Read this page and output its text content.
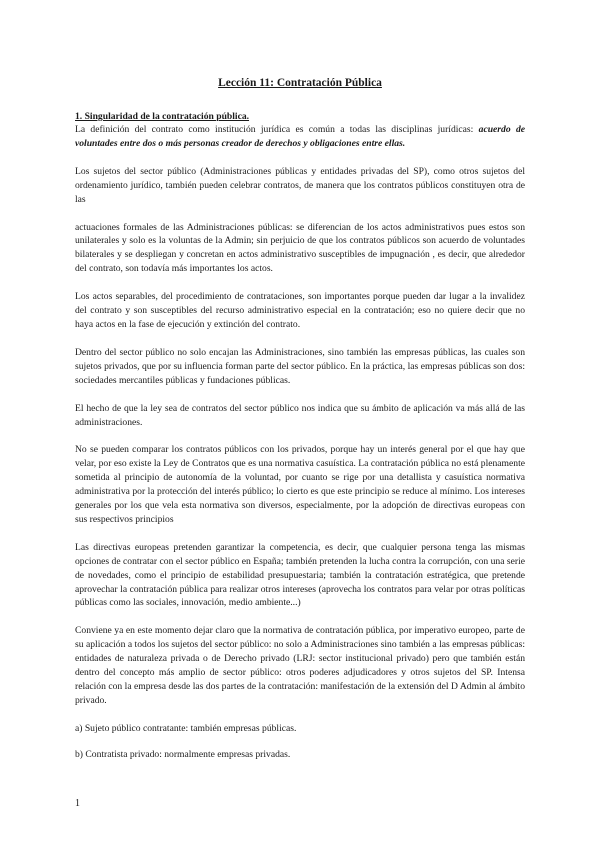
Lección 11: Contratación Pública
1. Singularidad de la contratación pública.

La definición del contrato como institución jurídica es común a todas las disciplinas jurídicas: acuerdo de voluntades entre dos o más personas creador de derechos y obligaciones entre ellas.

Los sujetos del sector público (Administraciones públicas y entidades privadas del SP), como otros sujetos del ordenamiento jurídico, también pueden celebrar contratos, de manera que los contratos públicos constituyen otra de las

actuaciones formales de las Administraciones públicas: se diferencian de los actos administrativos pues estos son unilaterales y solo es la voluntas de la Admin; sin perjuicio de que los contratos públicos son acuerdo de voluntades bilaterales y se despliegan y concretan en actos administrativo susceptibles de impugnación , es decir, que alrededor del contrato, son todavía más importantes los actos.

Los actos separables, del procedimiento de contrataciones, son importantes porque pueden dar lugar a la invalidez del contrato y son susceptibles del recurso administrativo especial en la contratación; eso no quiere decir que no haya actos en la fase de ejecución y extinción del contrato.

Dentro del sector público no solo encajan las Administraciones, sino también las empresas públicas, las cuales son sujetos privados, que por su influencia forman parte del sector público. En la práctica, las empresas públicas son dos: sociedades mercantiles públicas y fundaciones públicas.

El hecho de que la ley sea de contratos del sector público nos indica que su ámbito de aplicación va más allá de las administraciones.

No se pueden comparar los contratos públicos con los privados, porque hay un interés general por el que hay que velar, por eso existe la Ley de Contratos que es una normativa casuística. La contratación pública no está plenamente sometida al principio de autonomía de la voluntad, por cuanto se rige por una detallista y casuística normativa administrativa por la protección del interés público; lo cierto es que este principio se reduce al mínimo. Los intereses generales por los que vela esta normativa son diversos, especialmente, por la adopción de directivas europeas con sus respectivos principios

Las directivas europeas pretenden garantizar la competencia, es decir, que cualquier persona tenga las mismas opciones de contratar con el sector público en España; también pretenden la lucha contra la corrupción, con una serie de novedades, como el principio de estabilidad presupuestaria; también la contratación estratégica, que pretende aprovechar la contratación pública para realizar otros intereses (aprovecha los contratos para velar por otras políticas públicas como las sociales, innovación, medio ambiente...)

Conviene ya en este momento dejar claro que la normativa de contratación pública, por imperativo europeo, parte de su aplicación a todos los sujetos del sector público: no solo a Administraciones sino también a las empresas públicas: entidades de naturaleza privada o de Derecho privado (LRJ: sector institucional privado) pero que también están dentro del concepto más amplio de sector público: otros poderes adjudicadores y otros sujetos del SP. Intensa relación con la empresa desde las dos partes de la contratación: manifestación de la extensión del D Admin al ámbito privado.

a) Sujeto público contratante: también empresas públicas.

b) Contratista privado: normalmente empresas privadas.

1
